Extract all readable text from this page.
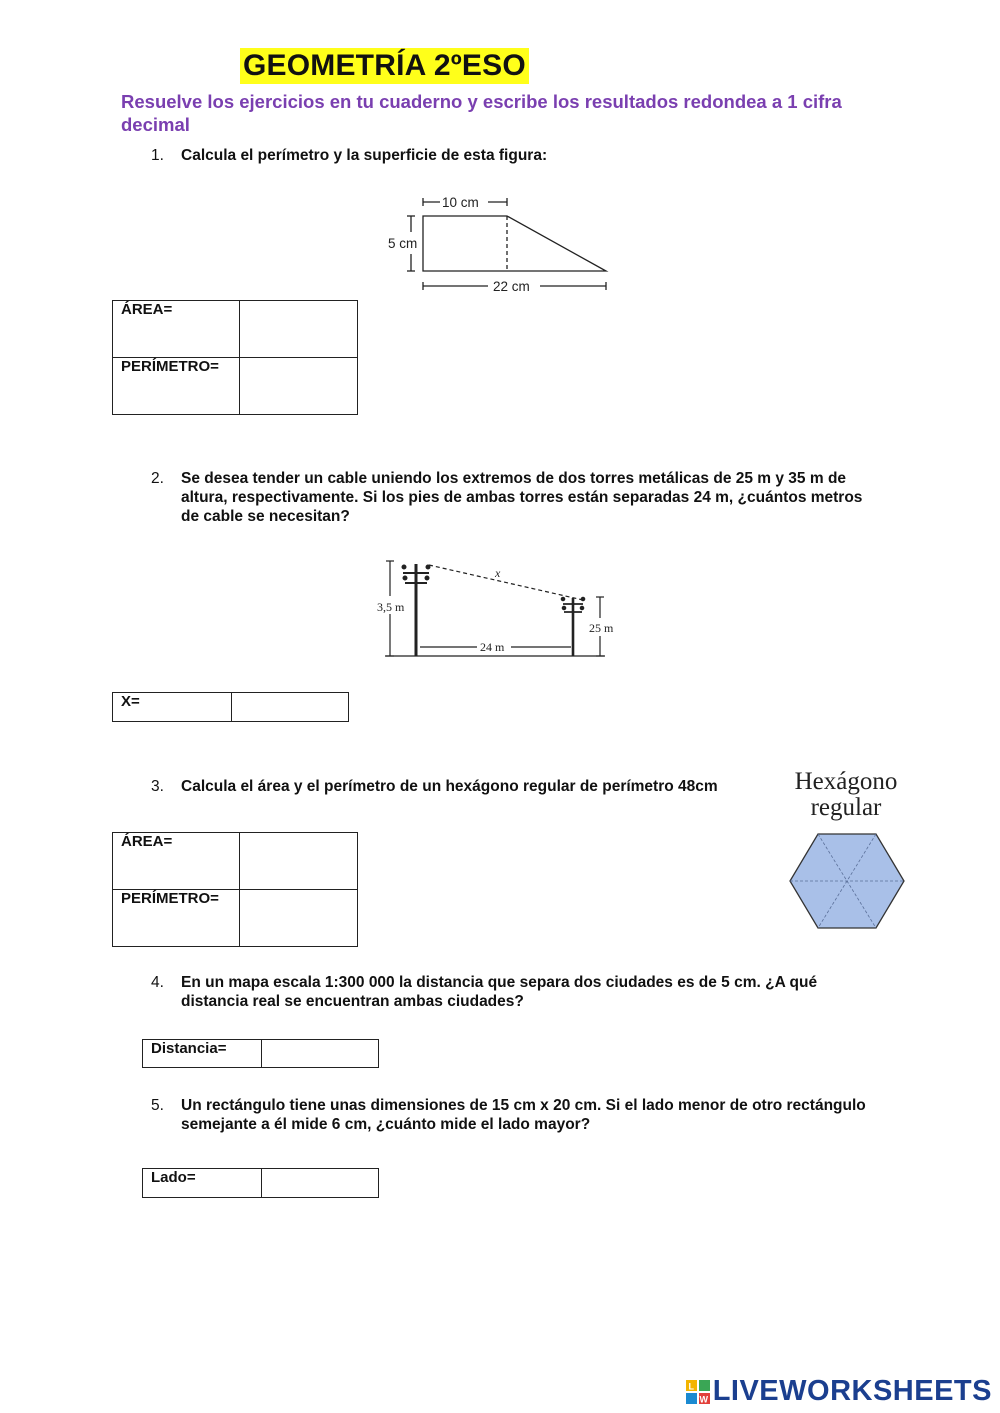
GEOMETRÍA 2ºESO
Resuelve los ejercicios en tu cuaderno y escribe los resultados redondea a 1 cifra decimal
1. Calcula el perímetro y la superficie de esta figura:
10 cm
5 cm
22 cm
ÁREA=	
PERÍMETRO=	
2. Se desea tender un cable uniendo los extremos de dos torres metálicas de 25 m y 35 m de altura, respectivamente. Si los pies de ambas torres están separadas 24 m, ¿cuántos metros de cable se necesitan?
3,5 m
25 m
24 m
x
X=	
3. Calcula el área y el perímetro de un hexágono regular de perímetro 48cm	Hexágono
regular
ÁREA=	
PERÍMETRO=	
4. En un mapa escala 1:300 000 la distancia que separa dos ciudades es de 5 cm. ¿A qué distancia real se encuentran ambas ciudades?
Distancia=	
5. Un rectángulo tiene unas dimensiones de 15 cm x 20 cm. Si el lado menor de otro rectángulo semejante a él mide 6 cm, ¿cuánto mide el lado mayor?
Lado=	
L
W LIVEWORKSHEETS
